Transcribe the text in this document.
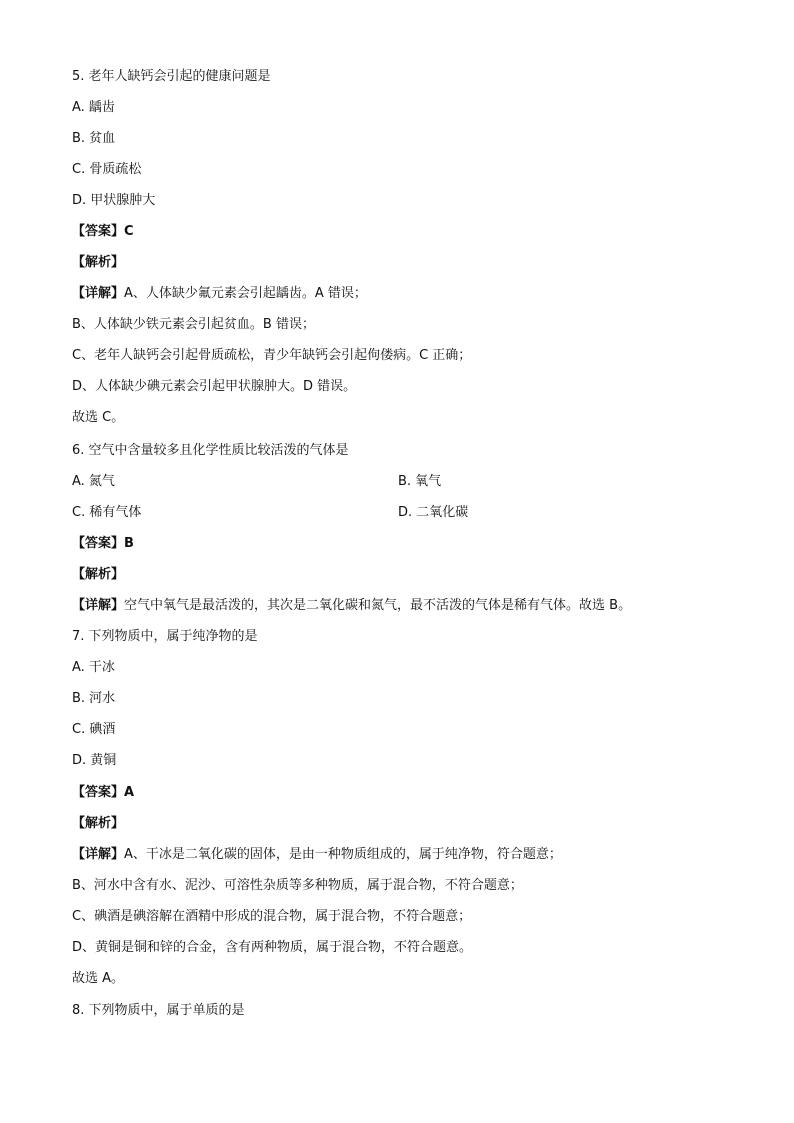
5. 老年人缺钙会引起的健康问题是
A. 龋齿
B. 贫血
C. 骨质疏松
D. 甲状腺肿大
【答案】C
【解析】
【详解】A、人体缺少氟元素会引起龋齿。A 错误；
B、人体缺少铁元素会引起贫血。B 错误；
C、老年人缺钙会引起骨质疏松，青少年缺钙会引起佝偻病。C 正确；
D、人体缺少碘元素会引起甲状腺肿大。D 错误。
故选 C。
6. 空气中含量较多且化学性质比较活泼的气体是
A. 氮气	B. 氧气
C. 稀有气体	D. 二氧化碳
【答案】B
【解析】
【详解】空气中氧气是最活泼的，其次是二氧化碳和氮气，最不活泼的气体是稀有气体。故选 B。
7. 下列物质中，属于纯净物的是
A. 干冰
B. 河水
C. 碘酒
D. 黄铜
【答案】A
【解析】
【详解】A、干冰是二氧化碳的固体，是由一种物质组成的，属于纯净物，符合题意；
B、河水中含有水、泥沙、可溶性杂质等多种物质，属于混合物，不符合题意；
C、碘酒是碘溶解在酒精中形成的混合物，属于混合物，不符合题意；
D、黄铜是铜和锌的合金，含有两种物质，属于混合物，不符合题意。
故选 A。
8. 下列物质中，属于单质的是
